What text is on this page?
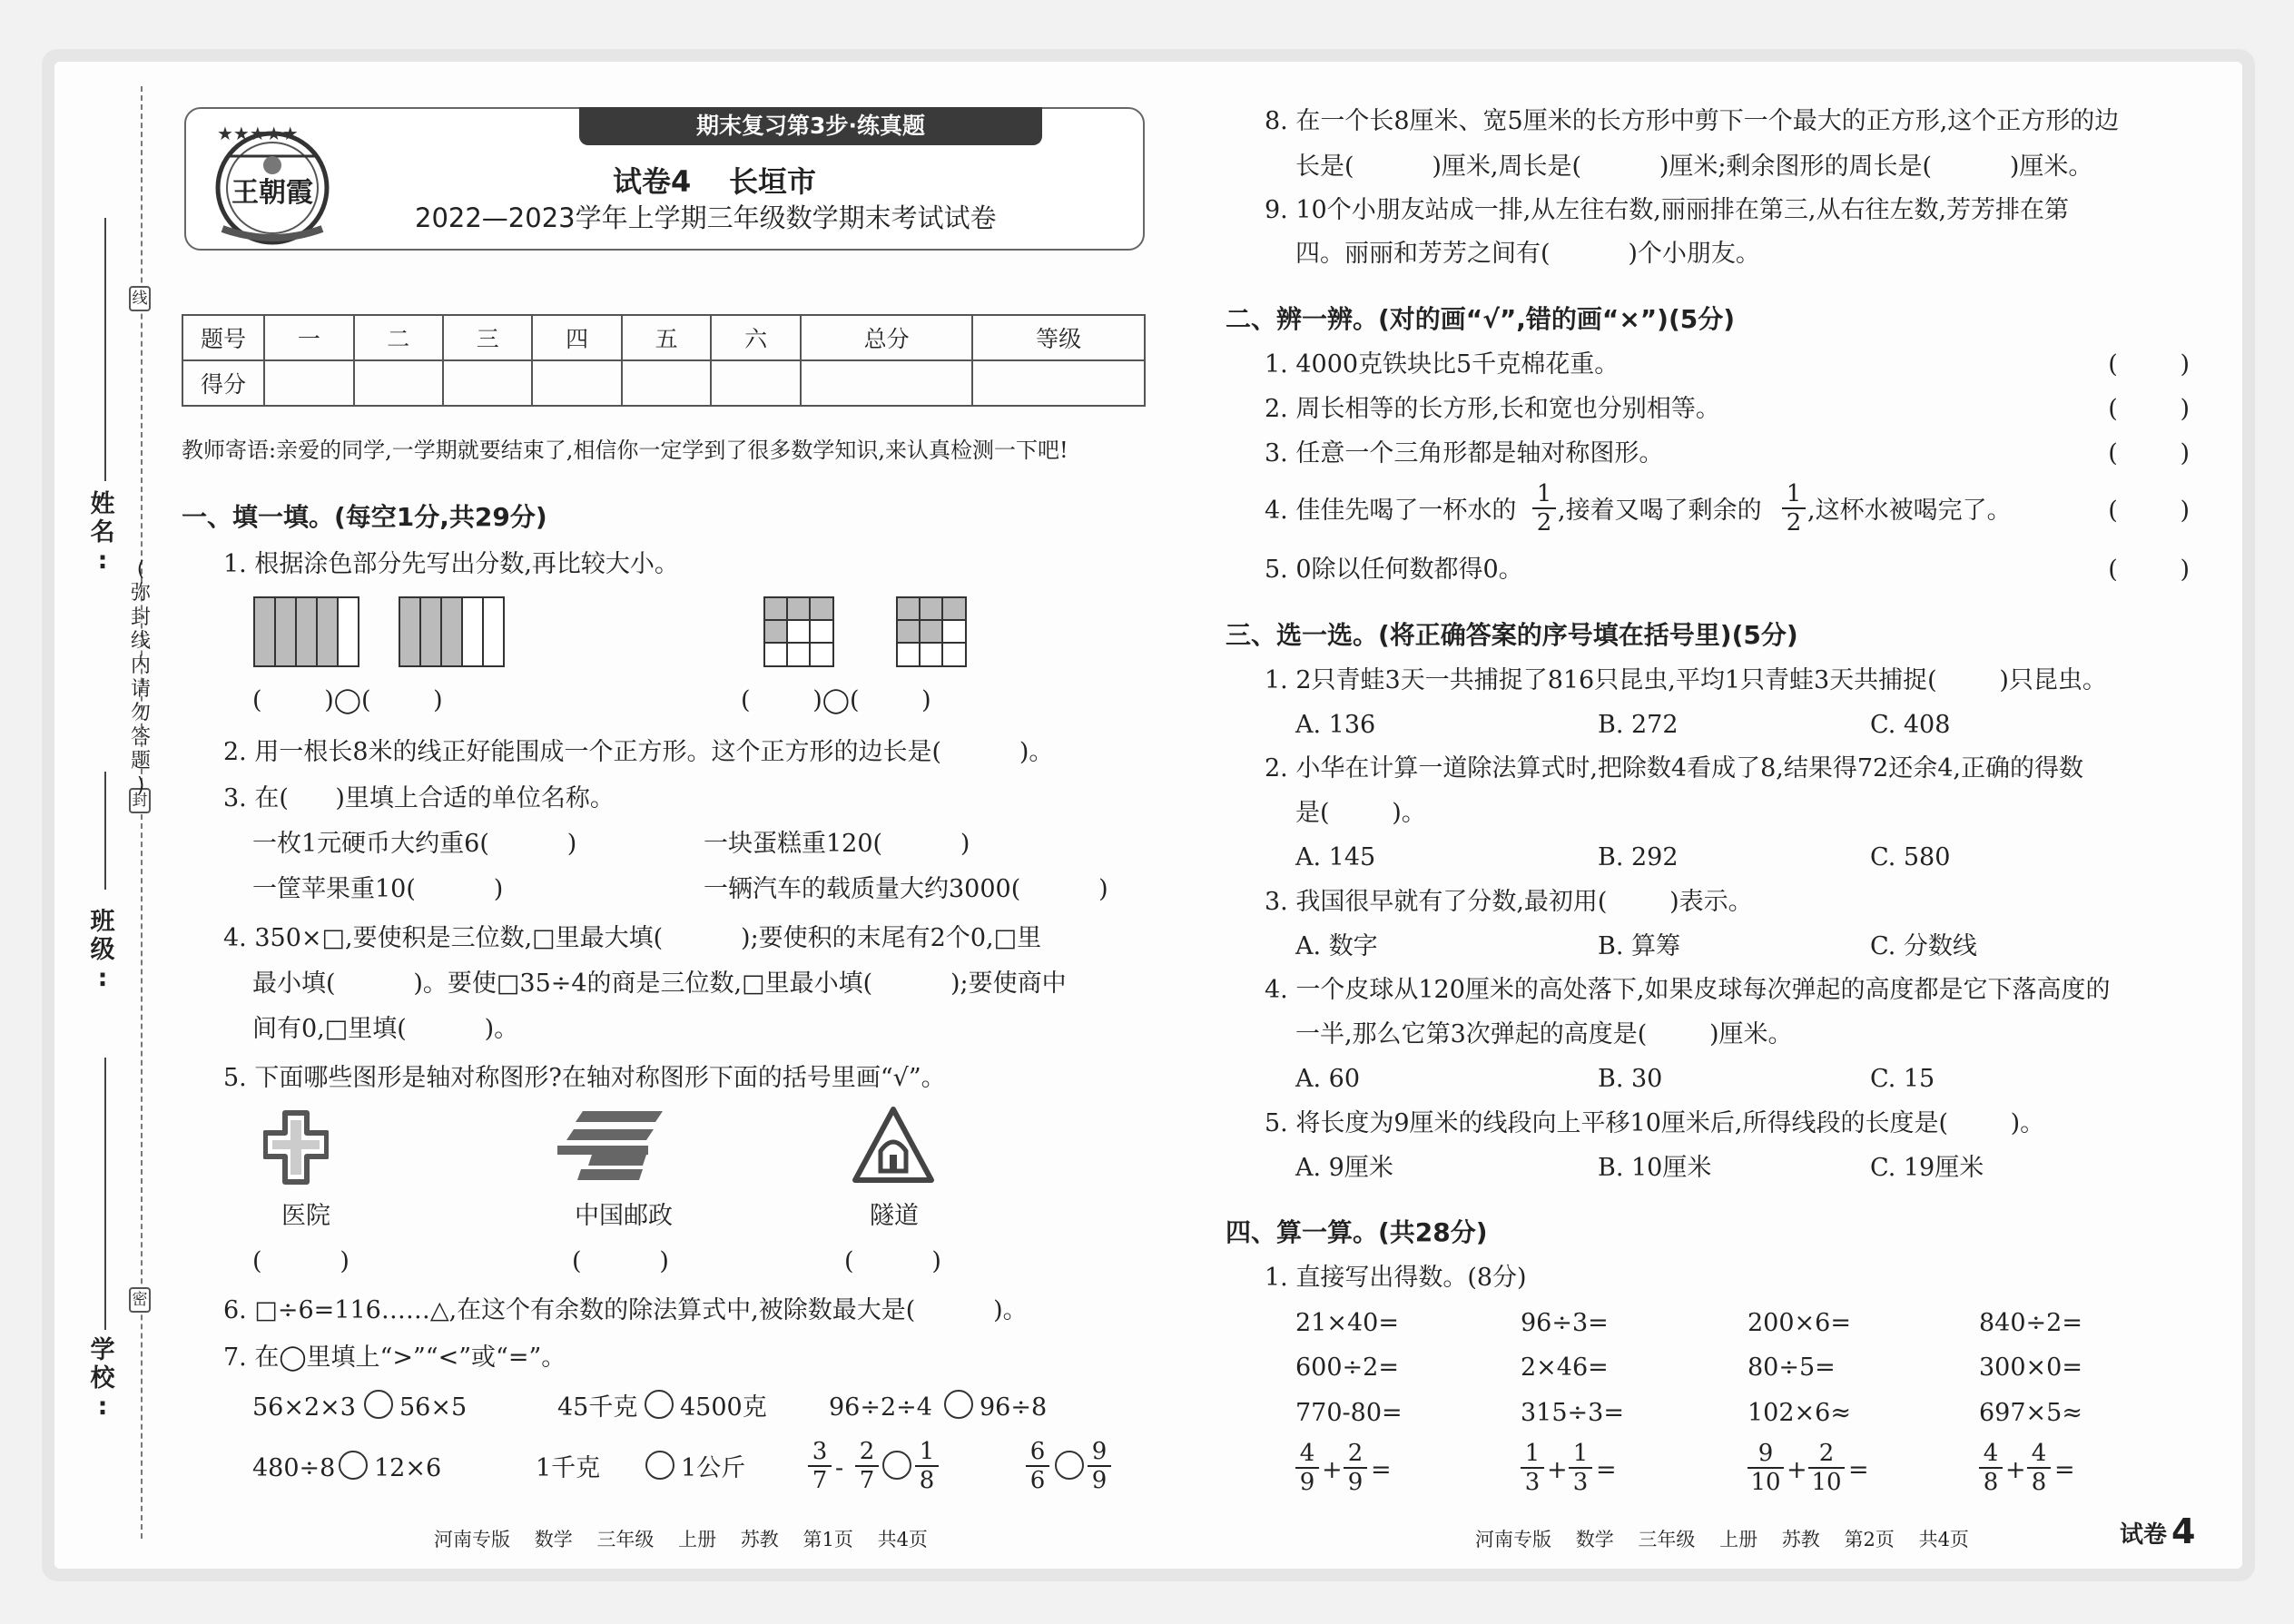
线
封
密
(
弥
封
线
内
请
勿
答
题
)
姓
名
:
班
级
:
学
校
:
期末复习第3步·练真题
★★★★★
王朝霞	试卷4 长垣市
2022—2023学年上学期三年级数学期末考试试卷
题号	一	二	三	四	五	六	总分	等级
得分								
教师寄语:亲爱的同学,一学期就要结束了,相信你一定学到了很多数学知识,来认真检测一下吧!
一、填一填。(每空1分,共29分)
1. 根据涂色部分先写出分数,再比较大小。
(        )◯(        )	(        )◯(        )
2. 用一根长8米的线正好能围成一个正方形。这个正方形的边长是(          )。
3. 在(      )里填上合适的单位名称。
一枚1元硬币大约重6(          )	一块蛋糕重120(          )
一筐苹果重10(          )	一辆汽车的载质量大约3000(          )
4. 350×□,要使积是三位数,□里最大填(          );要使积的末尾有2个0,□里
最小填(          )。要使□35÷4的商是三位数,□里最小填(          );要使商中
间有0,□里填(          )。
5. 下面哪些图形是轴对称图形?在轴对称图形下面的括号里画“√”。
医院	中国邮政	隧道
(          )	(          )	(          )
6. □÷6=116……△,在这个有余数的除法算式中,被除数最大是(          )。
7. 在◯里填上“>”“<”或“=”。
56×2×3 56×5	45千克 4500克	96÷2÷4 96÷8
480÷8 12×6	1千克	1公斤	$\frac{3}{7} - \frac{2}{7} \frac{1}{8}$	$\frac{6}{6} \frac{9}{9}$
河南专版    数学    三年级    上册    苏教    第1页    共4页
8. 在一个长8厘米、宽5厘米的长方形中剪下一个最大的正方形,这个正方形的边
长是(          )厘米,周长是(          )厘米;剩余图形的周长是(          )厘米。
9. 10个小朋友站成一排,从左往右数,丽丽排在第三,从右往左数,芳芳排在第
四。丽丽和芳芳之间有(          )个小朋友。
二、辨一辨。(对的画“√”,错的画“×”)(5分)
1. 4000克铁块比5千克棉花重。	(        )
2. 周长相等的长方形,长和宽也分别相等。	(        )
3. 任意一个三角形都是轴对称图形。	(        )
4. 佳佳先喝了一杯水的 $\frac{1}{2}$ ,接着又喝了剩余的 $\frac{1}{2}$ ,这杯水被喝完了。	(        )
5. 0除以任何数都得0。	(        )
三、选一选。(将正确答案的序号填在括号里)(5分)
1. 2只青蛙3天一共捕捉了816只昆虫,平均1只青蛙3天共捕捉(        )只昆虫。
A. 136	B. 272	C. 408
2. 小华在计算一道除法算式时,把除数4看成了8,结果得72还余4,正确的得数
是(        )。
A. 145	B. 292	C. 580
3. 我国很早就有了分数,最初用(        )表示。
A. 数字	B. 算筹	C. 分数线
4. 一个皮球从120厘米的高处落下,如果皮球每次弹起的高度都是它下落高度的
一半,那么它第3次弹起的高度是(        )厘米。
A. 60	B. 30	C. 15
5. 将长度为9厘米的线段向上平移10厘米后,所得线段的长度是(        )。
A. 9厘米	B. 10厘米	C. 19厘米
四、算一算。(共28分)
1. 直接写出得数。(8分)
21×40=	96÷3=	200×6=	840÷2=
600÷2=	2×46=	80÷5=	300×0=
770-80=	315÷3=	102×6≈	697×5≈
$\frac{4}{9} + \frac{2}{9}$ =	$\frac{1}{3} + \frac{1}{3}$ =	$\frac{9}{10} + \frac{2}{10}$ =	$\frac{4}{8} + \frac{4}{8}$ =
河南专版    数学    三年级    上册    苏教    第2页    共4页	试卷 4
